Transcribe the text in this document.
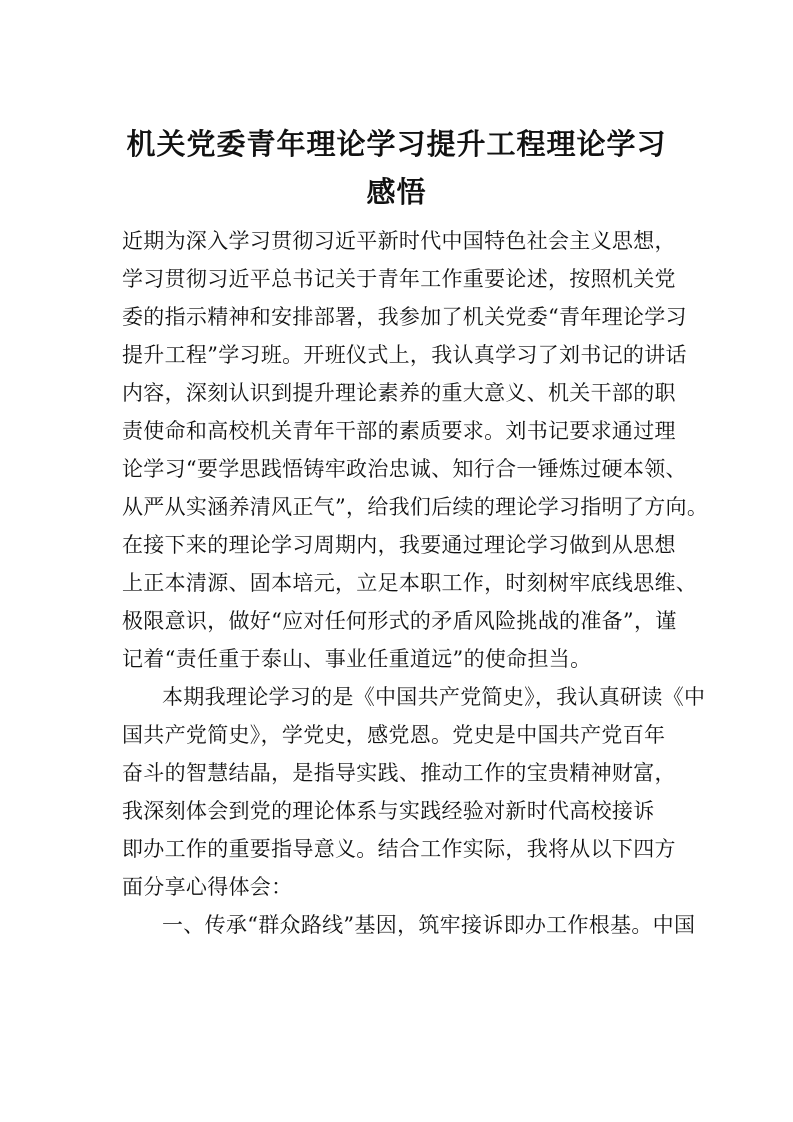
机关党委青年理论学习提升工程理论学习
感悟
近期为深入学习贯彻习近平新时代中国特色社会主义思想，
学习贯彻习近平总书记关于青年工作重要论述，按照机关党
委的指示精神和安排部署，我参加了机关党委“青年理论学习
提升工程”学习班。开班仪式上，我认真学习了刘书记的讲话
内容，深刻认识到提升理论素养的重大意义、机关干部的职
责使命和高校机关青年干部的素质要求。刘书记要求通过理
论学习“要学思践悟铸牢政治忠诚、知行合一锤炼过硬本领、
从严从实涵养清风正气”，给我们后续的理论学习指明了方向。
在接下来的理论学习周期内，我要通过理论学习做到从思想
上正本清源、固本培元，立足本职工作，时刻树牢底线思维、
极限意识，做好“应对任何形式的矛盾风险挑战的准备”，谨
记着“责任重于泰山、事业任重道远”的使命担当。
本期我理论学习的是《中国共产党简史》，我认真研读《中
国共产党简史》，学党史，感党恩。党史是中国共产党百年
奋斗的智慧结晶，是指导实践、推动工作的宝贵精神财富，
我深刻体会到党的理论体系与实践经验对新时代高校接诉
即办工作的重要指导意义。结合工作实际，我将从以下四方
面分享心得体会：
一、传承“群众路线”基因，筑牢接诉即办工作根基。中国
